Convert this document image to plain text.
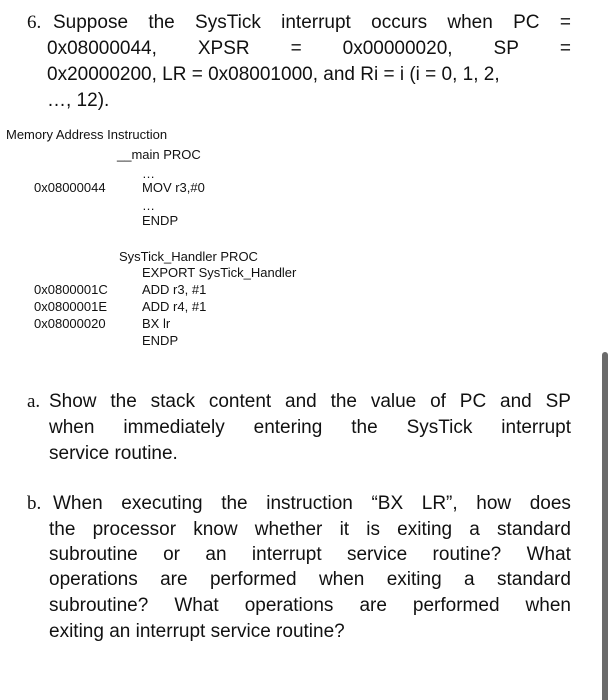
6. Suppose the SysTick interrupt occurs when PC =
0x08000044, XPSR = 0x00000020, SP =
0x20000200, LR = 0x08001000, and Ri = i (i = 0, 1, 2,
…, 12).
Memory Address Instruction
__main PROC
…
0x08000044	MOV r3,#0
…
ENDP
SysTick_Handler PROC
EXPORT SysTick_Handler
0x0800001C	ADD r3, #1
0x0800001E	ADD r4, #1
0x08000020	BX lr
ENDP
a. Show the stack content and the value of PC and SP
when immediately entering the SysTick interrupt
service routine.
b. When executing the instruction “BX LR”, how does
the processor know whether it is exiting a standard
subroutine or an interrupt service routine? What
operations are performed when exiting a standard
subroutine? What operations are performed when
exiting an interrupt service routine?
